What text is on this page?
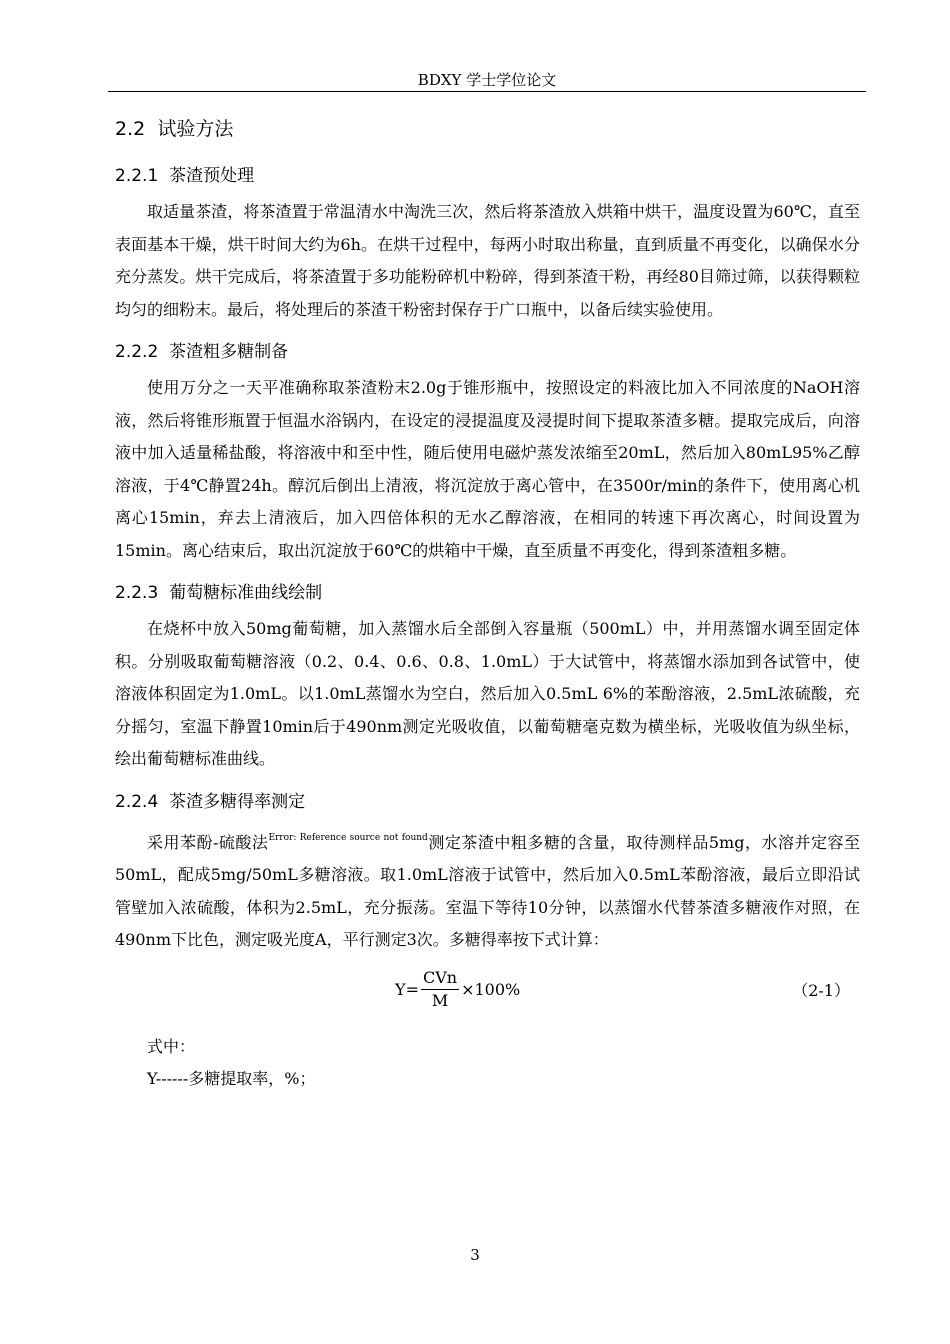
BDXY 学士学位论文
2.2 试验方法
2.2.1 茶渣预处理

取适量茶渣，将茶渣置于常温清水中淘洗三次，然后将茶渣放入烘箱中烘干，温度设置为60℃，直至表面基本干燥，烘干时间大约为6h。在烘干过程中，每两小时取出称量，直到质量不再变化，以确保水分充分蒸发。烘干完成后，将茶渣置于多功能粉碎机中粉碎，得到茶渣干粉，再经80目筛过筛，以获得颗粒均匀的细粉末。最后，将处理后的茶渣干粉密封保存于广口瓶中，以备后续实验使用。

2.2.2 茶渣粗多糖制备

使用万分之一天平准确称取茶渣粉末2.0g于锥形瓶中，按照设定的料液比加入不同浓度的NaOH溶液，然后将锥形瓶置于恒温水浴锅内，在设定的浸提温度及浸提时间下提取茶渣多糖。提取完成后，向溶液中加入适量稀盐酸，将溶液中和至中性，随后使用电磁炉蒸发浓缩至20mL，然后加入80mL95%乙醇溶液，于4℃静置24h。醇沉后倒出上清液，将沉淀放于离心管中，在3500r/min的条件下，使用离心机离心15min，弃去上清液后，加入四倍体积的无水乙醇溶液，在相同的转速下再次离心，时间设置为15min。离心结束后，取出沉淀放于60℃的烘箱中干燥，直至质量不再变化，得到茶渣粗多糖。

2.2.3 葡萄糖标准曲线绘制

在烧杯中放入50mg葡萄糖，加入蒸馏水后全部倒入容量瓶（500mL）中，并用蒸馏水调至固定体积。分别吸取葡萄糖溶液（0.2、0.4、0.6、0.8、1.0mL）于大试管中，将蒸馏水添加到各试管中，使溶液体积固定为1.0mL。以1.0mL蒸馏水为空白，然后加入0.5mL 6%的苯酚溶液，2.5mL浓硫酸，充分摇匀，室温下静置10min后于490nm测定光吸收值，以葡萄糖毫克数为横坐标，光吸收值为纵坐标，绘出葡萄糖标准曲线。

2.2.4 茶渣多糖得率测定

采用苯酚-硫酸法$^{Error: Reference source not found}$测定茶渣中粗多糖的含量，取待测样品5mg，水溶并定容至50mL，配成5mg/50mL多糖溶液。取1.0mL溶液于试管中，然后加入0.5mL苯酚溶液，最后立即沿试管壁加入浓硫酸，体积为2.5mL，充分振荡。室温下等待10分钟，以蒸馏水代替茶渣多糖液作对照，在490nm下比色，测定吸光度A，平行测定3次。多糖得率按下式计算：

$Y= \frac{\text{CVn}}{M} \times 100\%$	（2-1）

式中：

Y------多糖提取率，%；

3
